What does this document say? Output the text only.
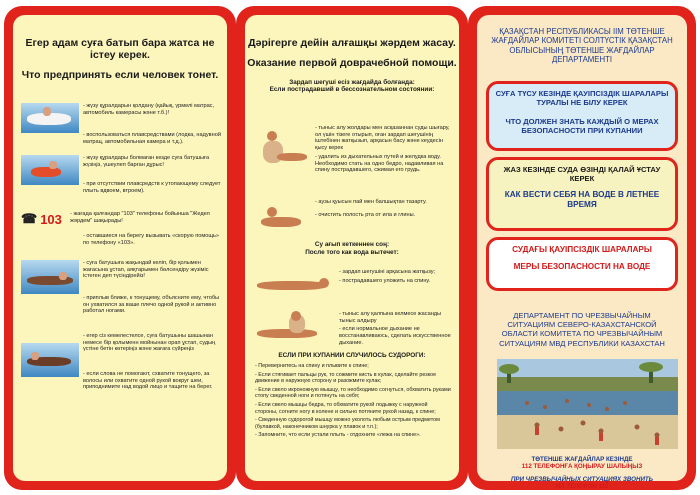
Егер адам суға батып бара жатса не істеу керек.
Что предпринять если человек тонет.

- жүзу құралдарын қолдану (қайық, үрмелі матрас, автомобиль камерасы және т.б.)!

- воспользоваться плавсредствами (лодка, надувной матрац, автомобильная камера и т.д.).

- жүзу құралдары болмаған кезде суға батушыға жүзіңіз, үшеулеп барған дұрыс!

- при отсутствии плавсредств к утопающему следует плыть вдвоем, втроем).

☎ 103 - жағада қалғандар "103" телефоны бойынша "Жедел жәрдем" шақырады!

- оставшиеся на берегу вызывать «скорую помощь» по телефону «103».

- суға батушыға жақындай келіп, бір қолымен жағасына ұстап, аяқтарымен бөлсендіру жүзіміс істеген деп түсіндірейіз!

- приплыв ближе, к тонущему, объясните ему, чтобы он ухватился за ваше плечо одной рукой и активно работал ногами.

- егер сіз кемелестелсе, суға батушыны шашынан немесе бір қолыменн мойнынан орап ұстап, судың үстіне бетін көтеріңіз және жағаға сүйреңіз

- если слова не помогают, схватите тонущего, за волосы или охватите одной рукой вокруг шеи, приподнимите над водой лицо и тащите на берег.

Дәрігерге дейін алғашқы жәрдем жасау.
Оказание первой доврачебной помощи.
Зардап шегуші есіз жағдайда болғанда:
Если пострадавший в бессознательном состоянии:

- тыныс алу жолдары мен асқазаннан суды шығару, ол үшін тізеге отырып, оған зардап шегушінің іштебінен жатқызып, арқасын басу және кеудесін қысу керек

- удалить из дыхательных путей и желудка воду. Необходимо стать на одно бедро, надавливая на спину пострадавшего, сжимая его грудь.

- аузы қуысын пай мен балшықтан тазарту.

- очистить полость рта от ила и глины.

Су ағып кеткеннен соң:
После того как вода вытечет:

- зардап шегушіні арқасына жатқызу;

- пострадавшего уложить на спину.

- тыныс алу қалпына келмесе жасанды тыныс алдыру

- если нормальное дыхание не восстанавливаюсь, сделать искусственное дыхание.

ЕСЛИ ПРИ КУПАНИИ СЛУЧИЛОСЬ СУДОРОГИ:

- Перевернитесь на спину и плывите к спине;

- Если стягивает пальцы рук, то сожмите кисть в кулак, сделайте резкое движение в наружную сторону и разожмите кулак;

- Если свело икроножную мышцу, то необходимо согнуться, обхватить руками стопу сведенной ноги и потянуть на себя;

- Если свело мышцы бедра, то обхватите рукой лодыжку с наружной стороны, согните ногу в колене и сильно потяните рукой назад, к спине;

- Сведенную судорогой мышцу можно уколоть любым острым предметом (булавкой, наконечником шнурка у плавок и т.п.);

- Запомните, что если устали плыть - отдохните «лежа на спине».

ҚАЗАҚСТАН РЕСПУБЛИКАСЫ ІІМ ТӨТЕНШЕ ЖАҒДАЙЛАР КОМИТЕТІ СОЛТҮСТІК ҚАЗАҚСТАН ОБЛЫСЫНЫҢ ТӨТЕНШЕ ЖАҒДАЙЛАР ДЕПАРТАМЕНТІ
СУҒА ТҮСУ КЕЗІНДЕ ҚАУІПСІЗДІК ШАРАЛАРЫ ТУРАЛЫ НЕ БІЛУ КЕРЕК
ЧТО ДОЛЖЕН ЗНАТЬ КАЖДЫЙ О МЕРАХ БЕЗОПАСНОСТИ ПРИ КУПАНИИ
ЖАЗ КЕЗІНДЕ СУДА ӨЗІНДІ ҚАЛАЙ ҰСТАУ КЕРЕК
КАК ВЕСТИ СЕБЯ НА ВОДЕ В ЛЕТНЕЕ ВРЕМЯ
СУДАҒЫ ҚАУІПСІЗДІК ШАРАЛАРЫ
МЕРЫ БЕЗОПАСНОСТИ НА ВОДЕ
ДЕПАРТАМЕНТ ПО ЧРЕЗВЫЧАЙНЫМ СИТУАЦИЯМ СЕВЕРО-КАЗАХСТАНСКОЙ ОБЛАСТИ КОМИТЕТА ПО ЧРЕЗВЫЧАЙНЫМ СИТУАЦИЯМ МВД РЕСПУБЛИКИ КАЗАХСТАН
ТӨТЕНШЕ ЖАҒДАЙЛАР КЕЗІНДЕ
112 ТЕЛЕФОНҒА ҚОҢЫРАУ ШАЛЫҢЫЗ
ПРИ ЧРЕЗВЫЧАЙНЫХ СИТУАЦИЯХ ЗВОНИТЬ
НА ТЕЛЕФОН 112
